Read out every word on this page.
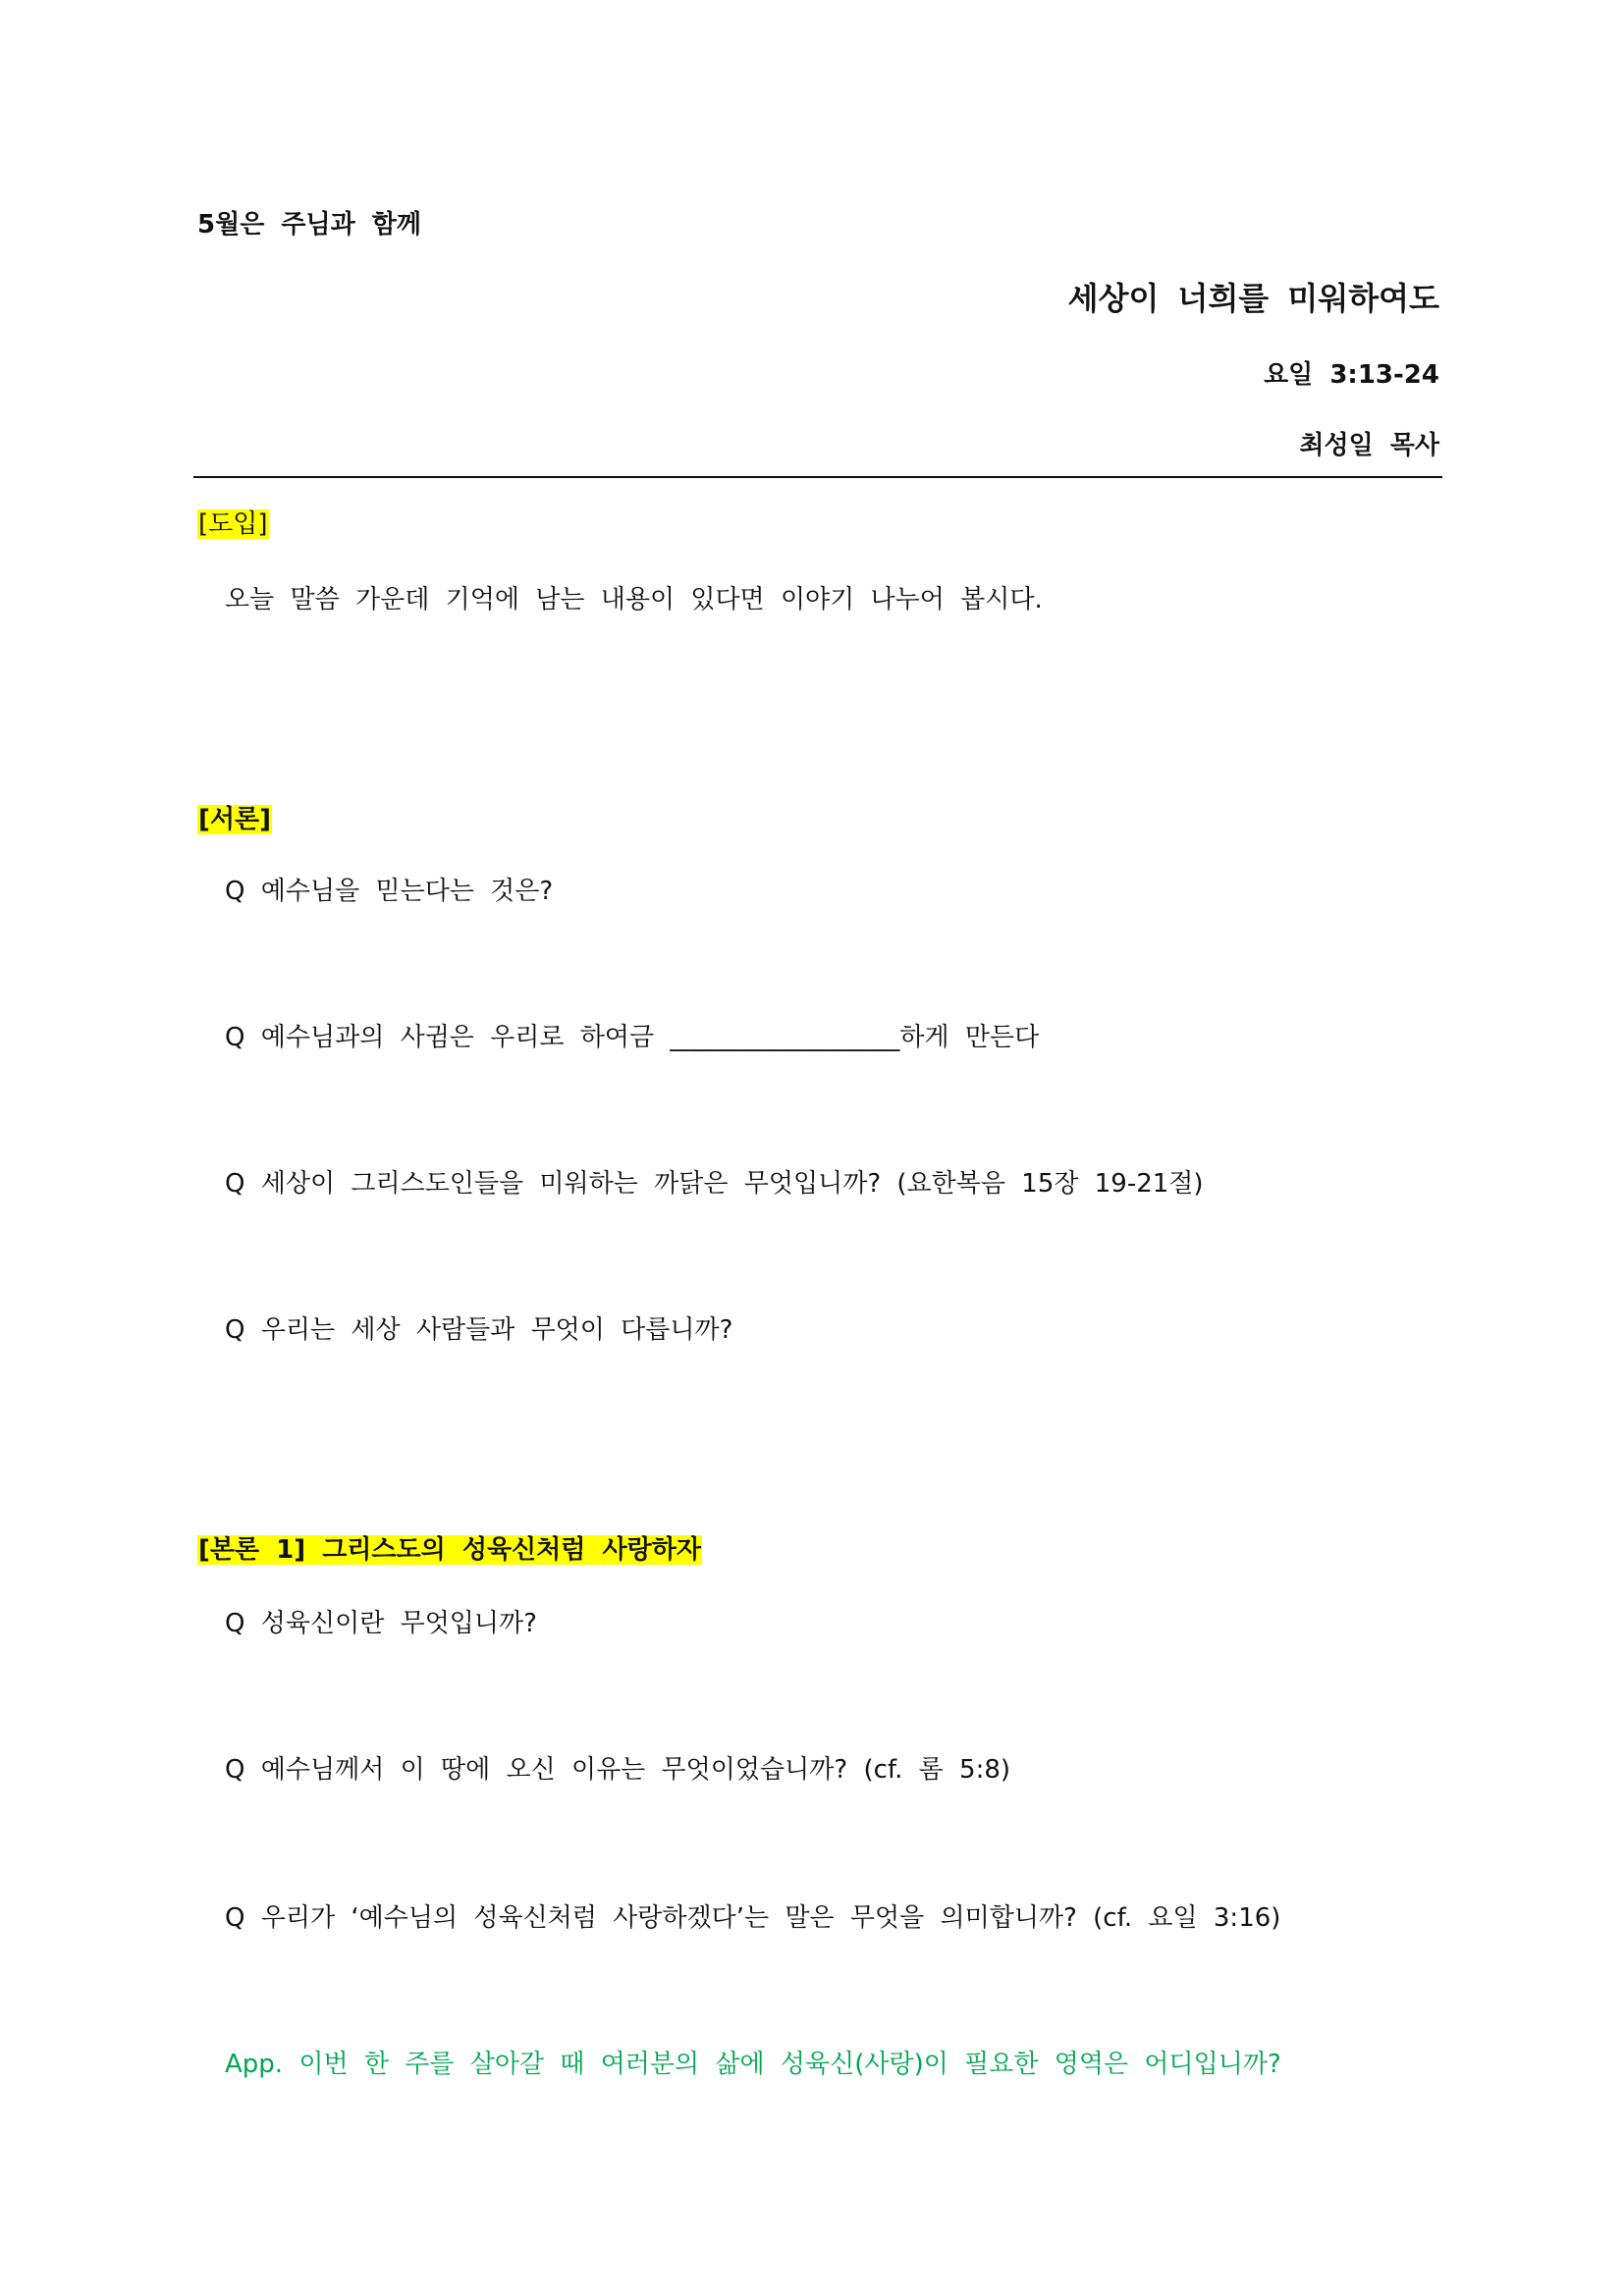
5월은 주님과 함께
세상이 너희를 미워하여도
요일 3:13-24
최성일 목사
[도입]
오늘 말씀 가운데 기억에 남는 내용이 있다면 이야기 나누어 봅시다.
[서론]
Q 예수님을 믿는다는 것은?
Q 예수님과의 사귐은 우리로 하여금 __________________하게 만든다
Q 세상이 그리스도인들을 미워하는 까닭은 무엇입니까? (요한복음 15장 19-21절)
Q 우리는 세상 사람들과 무엇이 다릅니까?
[본론 1] 그리스도의 성육신처럼 사랑하자
Q 성육신이란 무엇입니까?
Q 예수님께서 이 땅에 오신 이유는 무엇이었습니까? (cf. 롬 5:8)
Q 우리가 ‘예수님의 성육신처럼 사랑하겠다’는 말은 무엇을 의미합니까? (cf. 요일 3:16)
App. 이번 한 주를 살아갈 때 여러분의 삶에 성육신(사랑)이 필요한 영역은 어디입니까?
